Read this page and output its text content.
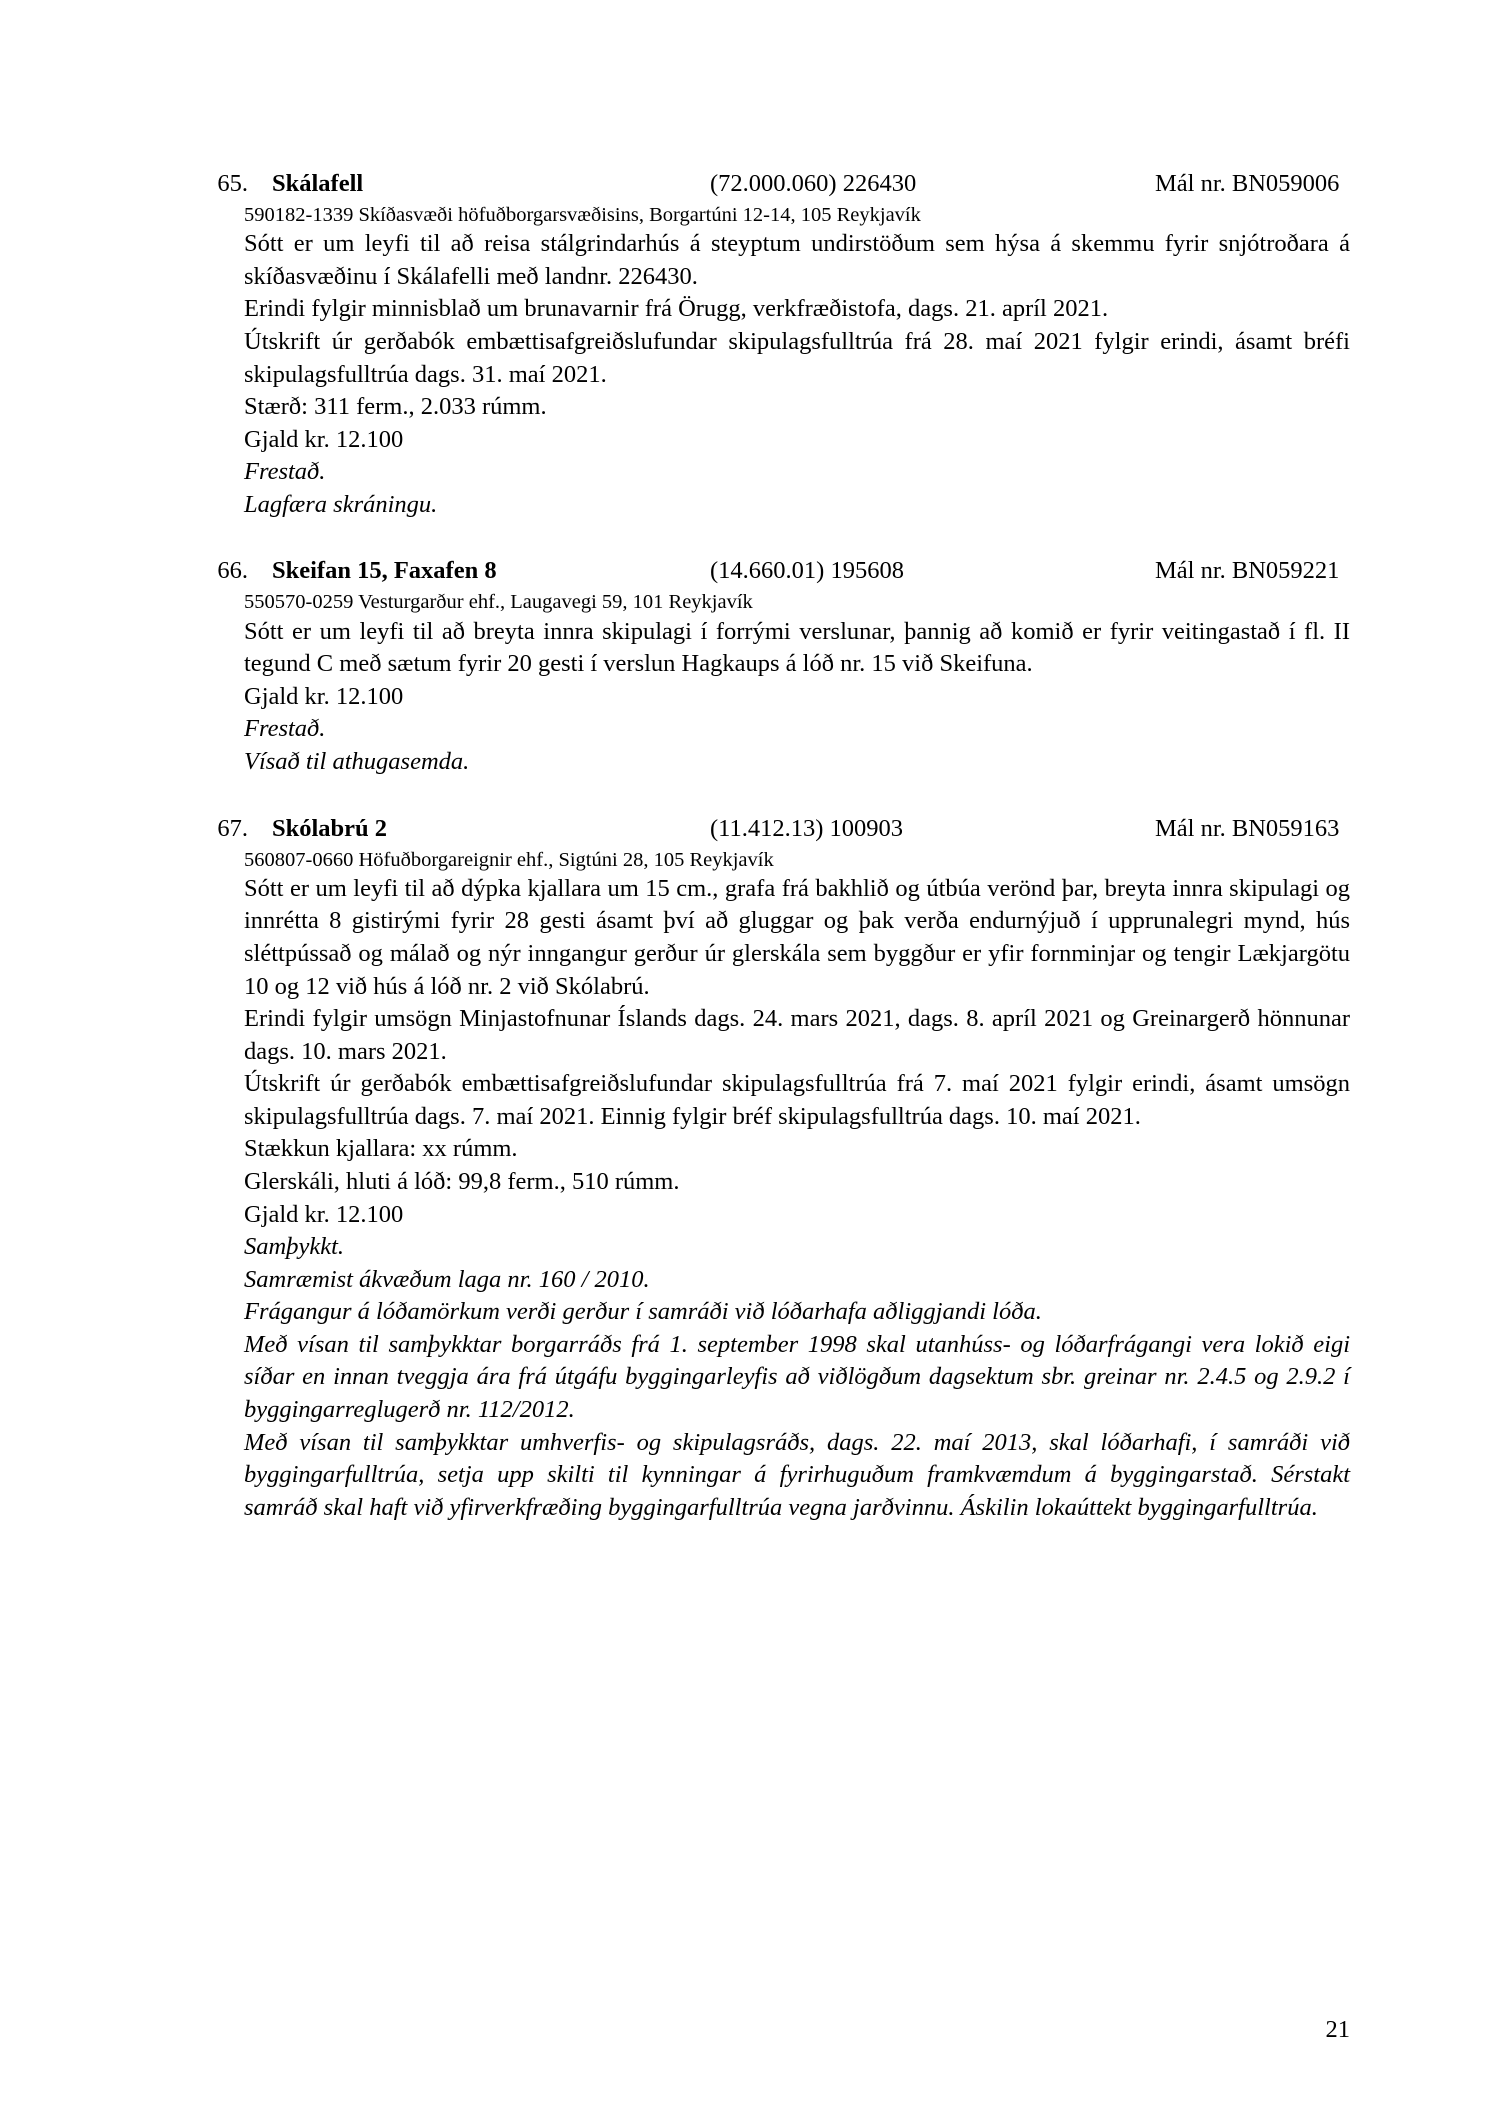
65. Skálafell	(72.000.060) 226430	Mál nr. BN059006
590182-1339 Skíðasvæði höfuðborgarsvæðisins, Borgartúni 12-14, 105 Reykjavík

Sótt er um leyfi til að reisa stálgrindarhús á steyptum undirstöðum sem hýsa á skemmu fyrir snjótroðara á skíðasvæðinu í Skálafelli með landnr. 226430.

Erindi fylgir minnisblað um brunavarnir frá Örugg, verkfræðistofa, dags. 21. apríl 2021.

Útskrift úr gerðabók embættisafgreiðslufundar skipulagsfulltrúa frá 28. maí 2021 fylgir erindi, ásamt bréfi skipulagsfulltrúa dags. 31. maí 2021.

Stærð: 311 ferm., 2.033 rúmm.

Gjald kr. 12.100

Frestað.

Lagfæra skráningu.

66. Skeifan 15, Faxafen 8	(14.660.01) 195608	Mál nr. BN059221
550570-0259 Vesturgarður ehf., Laugavegi 59, 101 Reykjavík

Sótt er um leyfi til að breyta innra skipulagi í forrými verslunar, þannig að komið er fyrir veitingastað í fl. II tegund C með sætum fyrir 20 gesti í verslun Hagkaups á lóð nr. 15 við Skeifuna.

Gjald kr. 12.100

Frestað.

Vísað til athugasemda.

67. Skólabrú 2	(11.412.13) 100903	Mál nr. BN059163
560807-0660 Höfuðborgareignir ehf., Sigtúni 28, 105 Reykjavík

Sótt er um leyfi til að dýpka kjallara um 15 cm., grafa frá bakhlið og útbúa verönd þar, breyta innra skipulagi og innrétta 8 gistirými fyrir 28 gesti ásamt því að gluggar og þak verða endurnýjuð í upprunalegri mynd, hús sléttpússað og málað og nýr inngangur gerður úr glerskála sem byggður er yfir fornminjar og tengir Lækjargötu 10 og 12 við hús á lóð nr. 2 við Skólabrú.

Erindi fylgir umsögn Minjastofnunar Íslands dags. 24. mars 2021, dags. 8. apríl 2021 og Greinargerð hönnunar dags. 10. mars 2021.

Útskrift úr gerðabók embættisafgreiðslufundar skipulagsfulltrúa frá 7. maí 2021 fylgir erindi, ásamt umsögn skipulagsfulltrúa dags. 7. maí 2021. Einnig fylgir bréf skipulagsfulltrúa dags. 10. maí 2021.

Stækkun kjallara: xx rúmm.

Glerskáli, hluti á lóð: 99,8 ferm., 510 rúmm.

Gjald kr. 12.100

Samþykkt.

Samræmist ákvæðum laga nr. 160 / 2010.

Frágangur á lóðamörkum verði gerður í samráði við lóðarhafa aðliggjandi lóða.

Með vísan til samþykktar borgarráðs frá 1. september 1998 skal utanhúss- og lóðarfrágangi vera lokið eigi síðar en innan tveggja ára frá útgáfu byggingarleyfis að viðlögðum dagsektum sbr. greinar nr. 2.4.5 og 2.9.2 í byggingarreglugerð nr. 112/2012.

Með vísan til samþykktar umhverfis- og skipulagsráðs, dags. 22. maí 2013, skal lóðarhafi, í samráði við byggingarfulltrúa, setja upp skilti til kynningar á fyrirhuguðum framkvæmdum á byggingarstað. Sérstakt samráð skal haft við yfirverkfræðing byggingarfulltrúa vegna jarðvinnu. Áskilin lokaúttekt byggingarfulltrúa.

21
